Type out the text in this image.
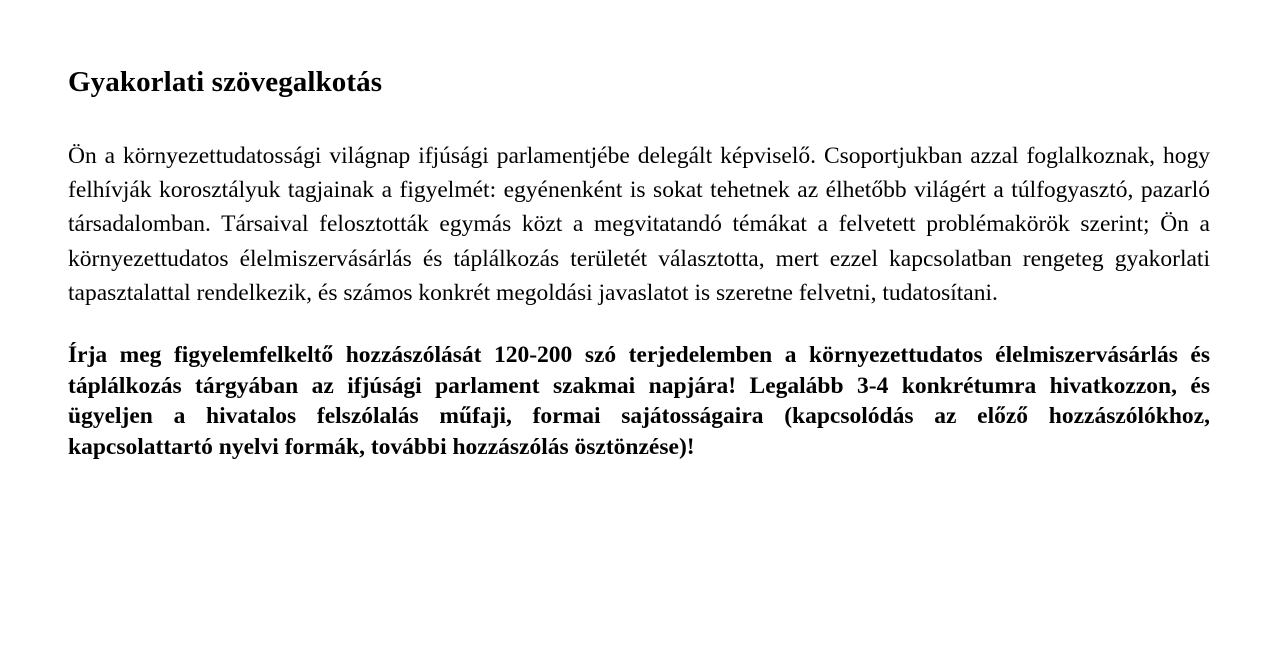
Gyakorlati szövegalkotás

Ön a környezettudatossági világnap ifjúsági parlamentjébe delegált képviselő. Csoportjukban azzal foglalkoznak, hogy felhívják korosztályuk tagjainak a figyelmét: egyénenként is sokat tehetnek az élhetőbb világért a túlfogyasztó, pazarló társadalomban. Társaival felosztották egymás közt a megvitatandó témákat a felvetett problémakörök szerint; Ön a környezettudatos élelmiszervásárlás és táplálkozás területét választotta, mert ezzel kapcsolatban rengeteg gyakorlati tapasztalattal rendelkezik, és számos konkrét megoldási javaslatot is szeretne felvetni, tudatosítani.

Írja meg figyelemfelkeltő hozzászólását 120-200 szó terjedelemben a környezettudatos élelmiszervásárlás és táplálkozás tárgyában az ifjúsági parlament szakmai napjára! Legalább 3-4 konkrétumra hivatkozzon, és ügyeljen a hivatalos felszólalás műfaji, formai sajátosságaira (kapcsolódás az előző hozzászólókhoz, kapcsolattartó nyelvi formák, további hozzászólás ösztönzése)!
